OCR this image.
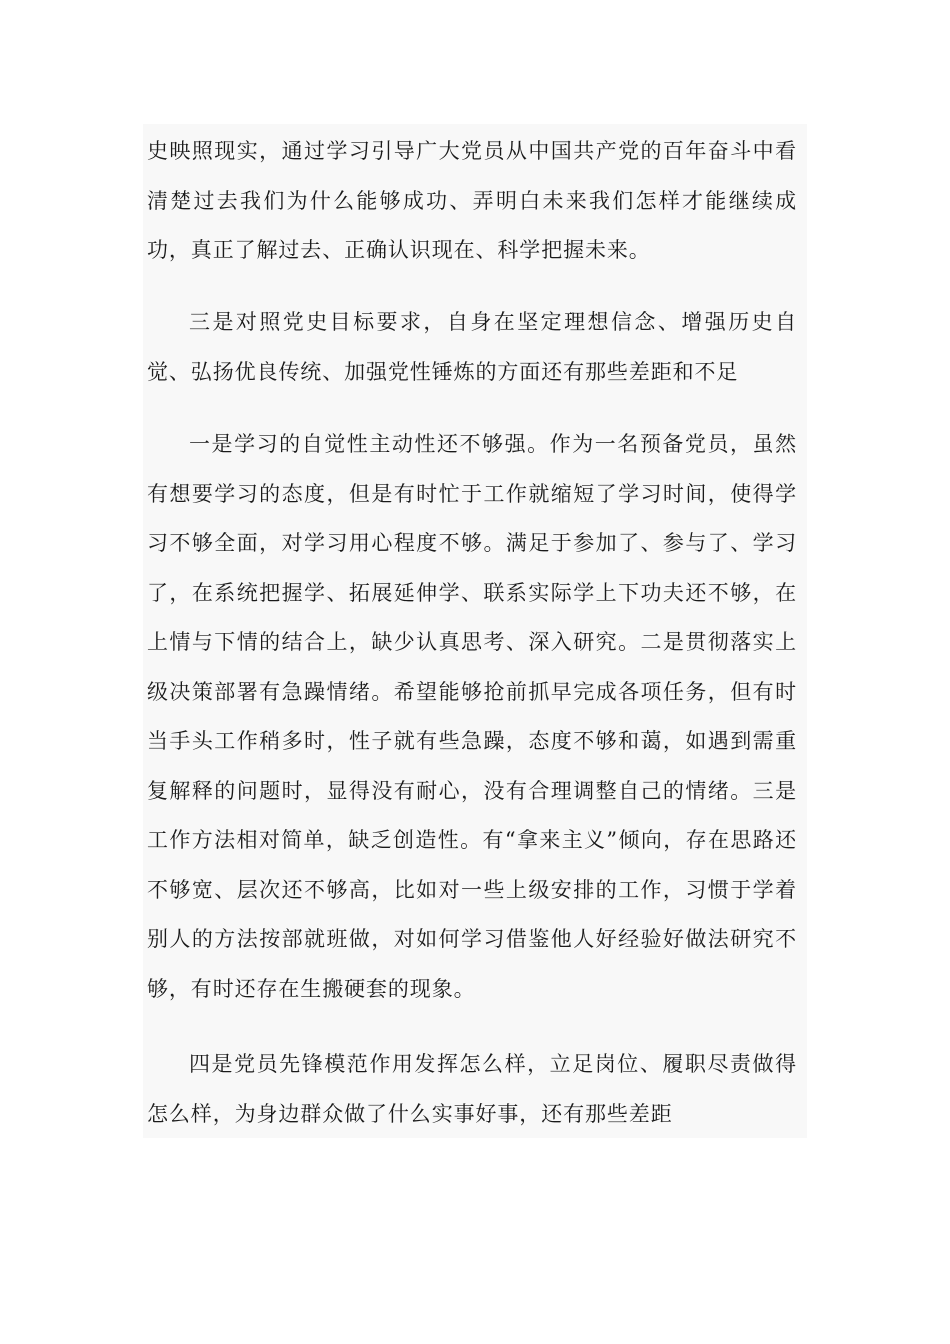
史映照现实，通过学习引导广大党员从中国共产党的百年奋斗中看清楚过去我们为什么能够成功、弄明白未来我们怎样才能继续成功，真正了解过去、正确认识现在、科学把握未来。

三是对照党史目标要求，自身在坚定理想信念、增强历史自觉、弘扬优良传统、加强党性锤炼的方面还有那些差距和不足

一是学习的自觉性主动性还不够强。作为一名预备党员，虽然有想要学习的态度，但是有时忙于工作就缩短了学习时间，使得学习不够全面，对学习用心程度不够。满足于参加了、参与了、学习了，在系统把握学、拓展延伸学、联系实际学上下功夫还不够，在上情与下情的结合上，缺少认真思考、深入研究。二是贯彻落实上级决策部署有急躁情绪。希望能够抢前抓早完成各项任务，但有时当手头工作稍多时，性子就有些急躁，态度不够和蔼，如遇到需重复解释的问题时，显得没有耐心，没有合理调整自己的情绪。三是工作方法相对简单，缺乏创造性。有“拿来主义”倾向，存在思路还不够宽、层次还不够高，比如对一些上级安排的工作，习惯于学着别人的方法按部就班做，对如何学习借鉴他人好经验好做法研究不够，有时还存在生搬硬套的现象。

四是党员先锋模范作用发挥怎么样，立足岗位、履职尽责做得怎么样，为身边群众做了什么实事好事，还有那些差距
